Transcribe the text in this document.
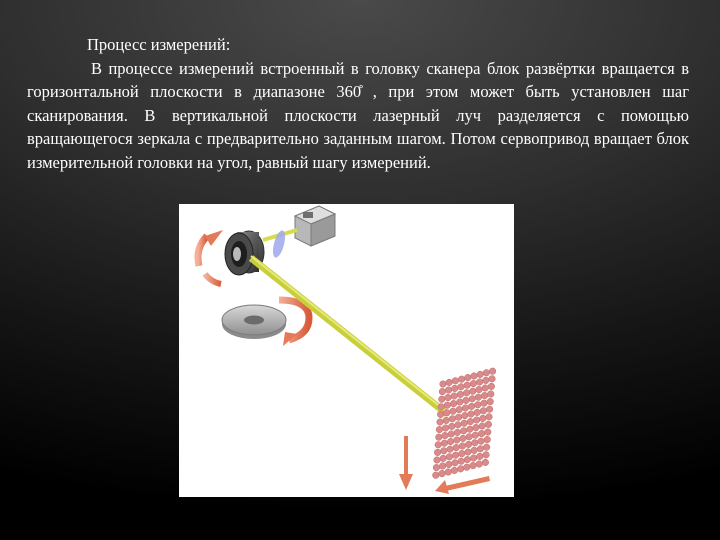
Процесс измерений:
В процессе измерений встроенный в головку сканера блок развёртки вращается в горизонтальной плоскости в диапазоне 360̊ , при этом может быть установлен шаг сканирования. В вертикальной плоскости лазерный луч разделяется с помощью вращающегося зеркала с предварительно заданным шагом. Потом сервопривод вращает блок измерительной головки на угол, равный шагу измерений.
